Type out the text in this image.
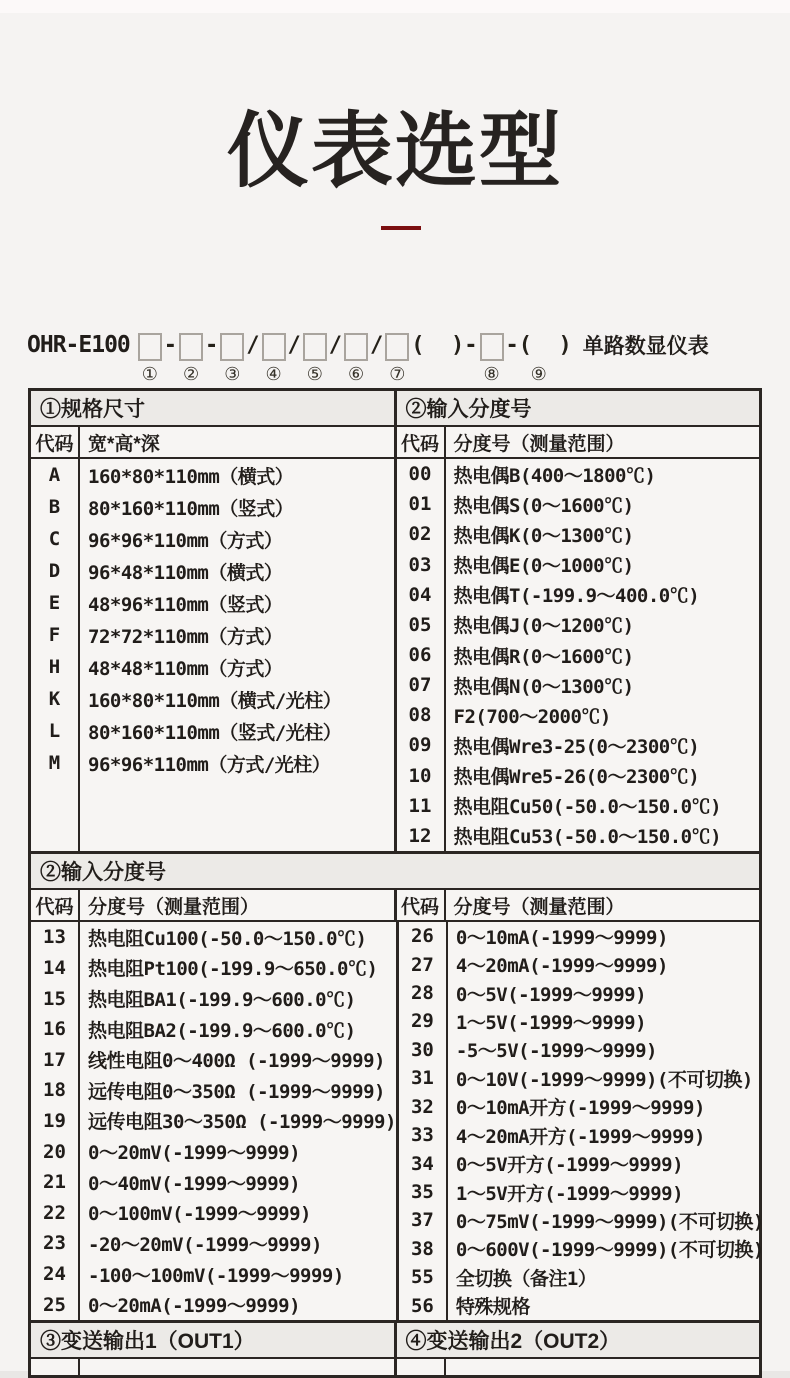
仪表选型
OHR-E100
①
-
②
-
③
/
④
/
⑤
/
⑥
/
⑦
(  )-
⑧
-(  )
⑨
单路数显仪表
①规格尺寸	②输入分度号
代码 宽*高*深	代码 分度号（测量范围）
A	160*80*110mm（横式）
B	80*160*110mm（竖式）
C	96*96*110mm（方式）
D	96*48*110mm（横式）
E	48*96*110mm（竖式）
F	72*72*110mm（方式）
H	48*48*110mm（方式）
K	160*80*110mm（横式/光柱）
L	80*160*110mm（竖式/光柱）
M	96*96*110mm（方式/光柱）
00	热电偶B(400～1800℃)
01	热电偶S(0～1600℃)
02	热电偶K(0～1300℃)
03	热电偶E(0～1000℃)
04	热电偶T(-199.9～400.0℃)
05	热电偶J(0～1200℃)
06	热电偶R(0～1600℃)
07	热电偶N(0～1300℃)
08	F2(700～2000℃)
09	热电偶Wre3-25(0～2300℃)
10	热电偶Wre5-26(0～2300℃)
11	热电阻Cu50(-50.0～150.0℃)
12	热电阻Cu53(-50.0～150.0℃)
②输入分度号
代码 分度号（测量范围）	代码 分度号（测量范围）
13	热电阻Cu100(-50.0～150.0℃)
14	热电阻Pt100(-199.9～650.0℃)
15	热电阻BA1(-199.9～600.0℃)
16	热电阻BA2(-199.9～600.0℃)
17	线性电阻0～400Ω (-1999～9999)
18	远传电阻0～350Ω (-1999～9999)
19	远传电阻30～350Ω (-1999～9999)
20	0～20mV(-1999～9999)
21	0～40mV(-1999～9999)
22	0～100mV(-1999～9999)
23	-20～20mV(-1999～9999)
24	-100～100mV(-1999～9999)
25	0～20mA(-1999～9999)
26	0～10mA(-1999～9999)
27	4～20mA(-1999～9999)
28	0～5V(-1999～9999)
29	1～5V(-1999～9999)
30	-5～5V(-1999～9999)
31	0～10V(-1999～9999)(不可切换)
32	0～10mA开方(-1999～9999)
33	4～20mA开方(-1999～9999)
34	0～5V开方(-1999～9999)
35	1～5V开方(-1999～9999)
37	0～75mV(-1999～9999)(不可切换)
38	0～600V(-1999～9999)(不可切换)
55	全切换（备注1）
56	特殊规格
③变送输出1（OUT1）	④变送输出2（OUT2）
